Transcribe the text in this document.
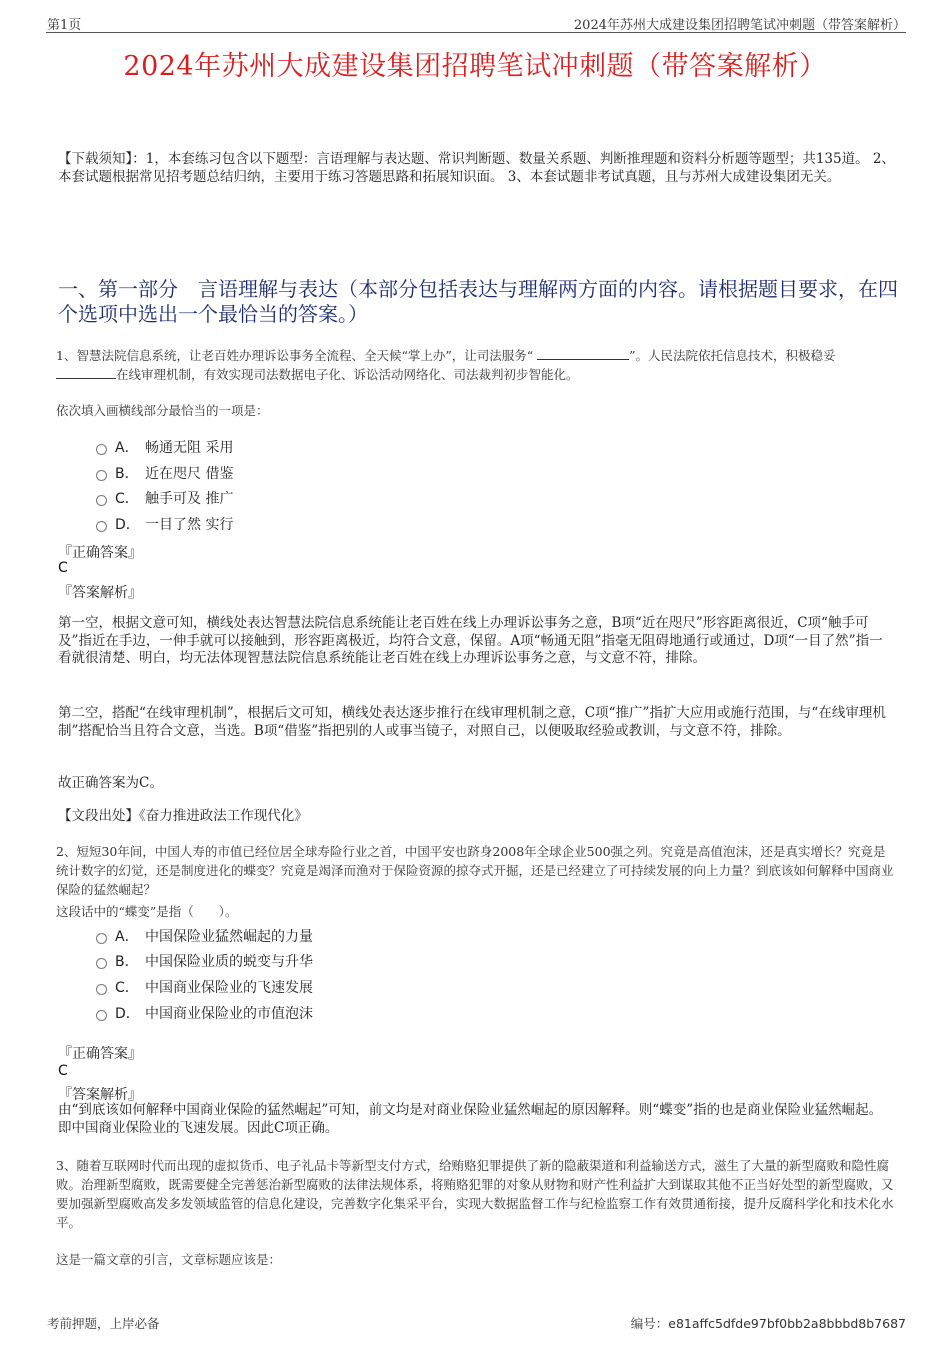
第1页	2024年苏州大成建设集团招聘笔试冲刺题（带答案解析）
2024年苏州大成建设集团招聘笔试冲刺题（带答案解析）
【下载须知】：1，本套练习包含以下题型：言语理解与表达题、常识判断题、数量关系题、判断推理题和资料分析题等题型；共135道。 2、本套试题根据常见招考题总结归纳，主要用于练习答题思路和拓展知识面。 3、本套试题非考试真题，且与苏州大成建设集团无关。
一、第一部分　言语理解与表达（本部分包括表达与理解两方面的内容。请根据题目要求，在四个选项中选出一个最恰当的答案。）
1、智慧法院信息系统，让老百姓办理诉讼事务全流程、全天候“掌上办”，让司法服务“	”。人民法院依托信息技术，积极稳妥
在线审理机制，有效实现司法数据电子化、诉讼活动网络化、司法裁判初步智能化。
依次填入画横线部分最恰当的一项是：
A． 畅通无阻 采用
B． 近在咫尺 借鉴
C． 触手可及 推广
D． 一目了然 实行
『正确答案』
C
『答案解析』
第一空，根据文意可知，横线处表达智慧法院信息系统能让老百姓在线上办理诉讼事务之意，B项“近在咫尺”形容距离很近，C项“触手可及”指近在手边，一伸手就可以接触到，形容距离极近，均符合文意，保留。A项“畅通无阻”指毫无阻碍地通行或通过，D项“一目了然”指一看就很清楚、明白，均无法体现智慧法院信息系统能让老百姓在线上办理诉讼事务之意，与文意不符，排除。
第二空，搭配“在线审理机制”，根据后文可知，横线处表达逐步推行在线审理机制之意，C项“推广”指扩大应用或施行范围，与“在线审理机制”搭配恰当且符合文意，当选。B项“借鉴”指把别的人或事当镜子，对照自己，以便吸取经验或教训，与文意不符，排除。
故正确答案为C。
【文段出处】《奋力推进政法工作现代化》
2、短短30年间，中国人寿的市值已经位居全球寿险行业之首，中国平安也跻身2008年全球企业500强之列。究竟是高值泡沫，还是真实增长？究竟是统计数字的幻觉，还是制度进化的蝶变？究竟是竭泽而渔对于保险资源的掠夺式开掘，还是已经建立了可持续发展的向上力量？到底该如何解释中国商业保险的猛然崛起？
这段话中的“蝶变”是指（　　）。
A． 中国保险业猛然崛起的力量
B． 中国保险业质的蜕变与升华
C． 中国商业保险业的飞速发展
D． 中国商业保险业的市值泡沫
『正确答案』
C
『答案解析』
由“到底该如何解释中国商业保险的猛然崛起”可知，前文均是对商业保险业猛然崛起的原因解释。则“蝶变”指的也是商业保险业猛然崛起。即中国商业保险业的飞速发展。因此C项正确。
3、随着互联网时代而出现的虚拟货币、电子礼品卡等新型支付方式，给贿赂犯罪提供了新的隐蔽渠道和利益输送方式，滋生了大量的新型腐败和隐性腐败。治理新型腐败，既需要健全完善惩治新型腐败的法律法规体系，将贿赂犯罪的对象从财物和财产性利益扩大到谋取其他不正当好处型的新型腐败，又要加强新型腐败高发多发领域监管的信息化建设，完善数字化集采平台，实现大数据监督工作与纪检监察工作有效贯通衔接，提升反腐科学化和技术化水平。
这是一篇文章的引言，文章标题应该是：
考前押题，上岸必备	编号：e81affc5dfde97bf0bb2a8bbbd8b7687
